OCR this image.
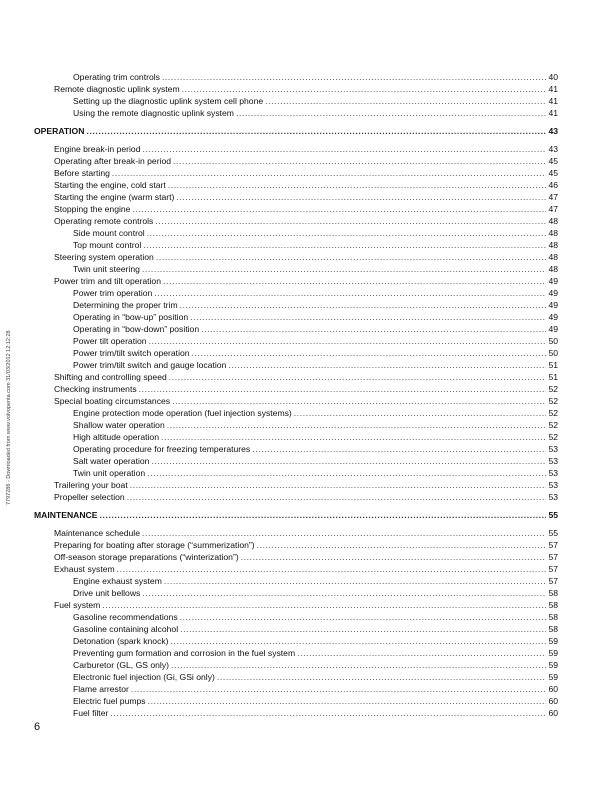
7797286 - Downloaded from www.volvopenta.com 31/03/2012 12:12:28
Operating trim controls .....	40
Remote diagnostic uplink system .....	41
Setting up the diagnostic uplink system cell phone .....	41
Using the remote diagnostic uplink system .....	41
OPERATION .....	43
Engine break-in period .....	43
Operating after break-in period .....	45
Before starting .....	45
Starting the engine, cold start .....	46
Starting the engine (warm start) .....	47
Stopping the engine .....	47
Operating remote controls .....	48
Side mount control .....	48
Top mount control .....	48
Steering system operation .....	48
Twin unit steering .....	48
Power trim and tilt operation .....	49
Power trim operation .....	49
Determining the proper trim .....	49
Operating in “bow-up” position .....	49
Operating in “bow-down” position .....	49
Power tilt operation .....	50
Power trim/tilt switch operation .....	50
Power trim/tilt switch and gauge location .....	51
Shifting and controlling speed .....	51
Checking instruments .....	52
Special boating circumstances .....	52
Engine protection mode operation (fuel injection systems) .....	52
Shallow water operation .....	52
High altitude operation .....	52
Operating procedure for freezing temperatures .....	53
Salt water operation .....	53
Twin unit operation .....	53
Trailering your boat .....	53
Propeller selection .....	53
MAINTENANCE .....	55
Maintenance schedule .....	55
Preparing for boating after storage (“summerization”) .....	57
Off-season storage preparations (“winterization”) .....	57
Exhaust system .....	57
Engine exhaust system .....	57
Drive unit bellows .....	58
Fuel system .....	58
Gasoline recommendations .....	58
Gasoline containing alcohol .....	58
Detonation (spark knock) .....	59
Preventing gum formation and corrosion in the fuel system .....	59
Carburetor (GL, GS only) .....	59
Electronic fuel injection (Gi, GSi only) .....	59
Flame arrestor .....	60
Electric fuel pumps .....	60
Fuel filter .....	60
6
